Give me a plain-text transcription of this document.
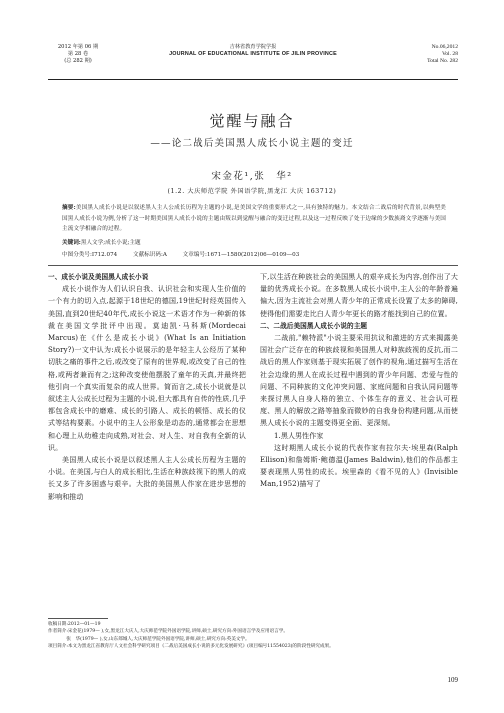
2012 年第 06 期
第 28 卷
(总 282 期)
吉林省教育学院学报
JOURNAL OF EDUCATIONAL INSTITUTE OF JILIN PROVINCE
No.06,2012
Vol. 28
Total No. 282
觉醒与融合
——论二战后美国黑人成长小说主题的变迁
宋金花¹,张　华²
(1.2. 大庆师范学院 外国语学院,黑龙江 大庆 163712)
摘要:美国黑人成长小说是以叙述黑人主人公成长历程为主题的小说,是美国文学的重要形式之一,具有独特的魅力。本文结合二战后的时代背景,以典型美国黑人成长小说为例,分析了这一时期美国黑人成长小说的主题由叛以到觉醒与融合的变迁过程,以及这一过程反映了处于边缘的少数族裔文学逐渐与美国主流文学相融合的过程。
关键词:黑人文学;成长小说;主题
中图分类号:I712.074	文献标识码:A	文章编号:1671—1580(2012)06—0109—03
一、成长小说及美国黑人成长小说

成长小说作为人们认识自我、认识社会和实现人生价值的一个有力的切入点,起源于18世纪的德国,19世纪时经英国传入美国,直到20世纪40年代,成长小说这一术语才作为一种新的体裁在美国文学批评中出现。莫迪凯·马科斯(Mordecai Marcus)在《什么是成长小说》(What Is an Initiation Story?)一文中认为:成长小说展示的是年轻主人公经历了某种切肤之痛的事件之后,或改变了原有的世界观,或改变了自己的性格,或两者兼而有之;这种改变使他摆脱了童年的天真,并最终把他引向一个真实而复杂的成人世界。简而言之,成长小说就是以叙述主人公成长过程为主题的小说,但大都具有自传的性质,几乎都包含成长中的磨难、成长的引路人、成长的顿悟、成长的仪式等结构要素。小说中的主人公形象是动态的,通常都会在思想和心理上从幼稚走向成熟,对社会、对人生、对自我有全新的认识。

美国黑人成长小说是以叙述黑人主人公成长历程为主题的小说。在美国,与白人的成长相比,生活在种族歧视下的黑人的成长又多了许多困惑与艰辛。大批的美国黑人作家在进步思想的影响和推动

下,以生活在种族社会的美国黑人的艰辛成长为内容,创作出了大量的优秀成长小说。在多数黑人成长小说中,主人公的年龄普遍偏大,因为主流社会对黑人青少年的正常成长设置了太多的障碍,使得他们需要走比白人青少年更长的路才能找到自己的位置。

二、二战后美国黑人成长小说的主题

二战前,"赖特派"小说主要采用抗议和激进的方式来揭露美国社会广泛存在的种族歧视和美国黑人对种族歧视的反抗,而二战后的黑人作家则基于现实拓展了创作的视角,通过描写生活在社会边缘的黑人在成长过程中遇到的青少年问题、恋爱与性的问题、不同种族的文化冲突问题、家庭问题和自我认同问题等来探讨黑人自身人格的独立、个体生存的意义、社会认可程度、黑人的解放之路等抽象而微妙的自我身份构建问题,从而使黑人成长小说的主题变得更全面、更深刻。

1.黑人男性作家

这时期黑人成长小说的代表作家有拉尔夫·埃里森(Ralph Ellison)和詹姆斯·鲍德温(James Baldwin),他们的作品都主要表现黑人男性的成长。埃里森的《看不见的人》(Invisible Man,1952)描写了

收稿日期:2012—01—19
作者简介:宋金花(1979— ),女,黑龙江大庆人,大庆师范学院外国语学院,讲师,硕士,研究方向:外国语言学及应用语言学。
　　　　张　华(1979— ),女,山东郯城人,大庆师范学院外国语学院,讲师,硕士,研究方向:英美文学。
项目简介:本文为黑龙江省教育厅人文社会科学研究项目《二战后美国成长小说的多元化发展研究》(项目编号11554023)的阶段性研究成果。
109
